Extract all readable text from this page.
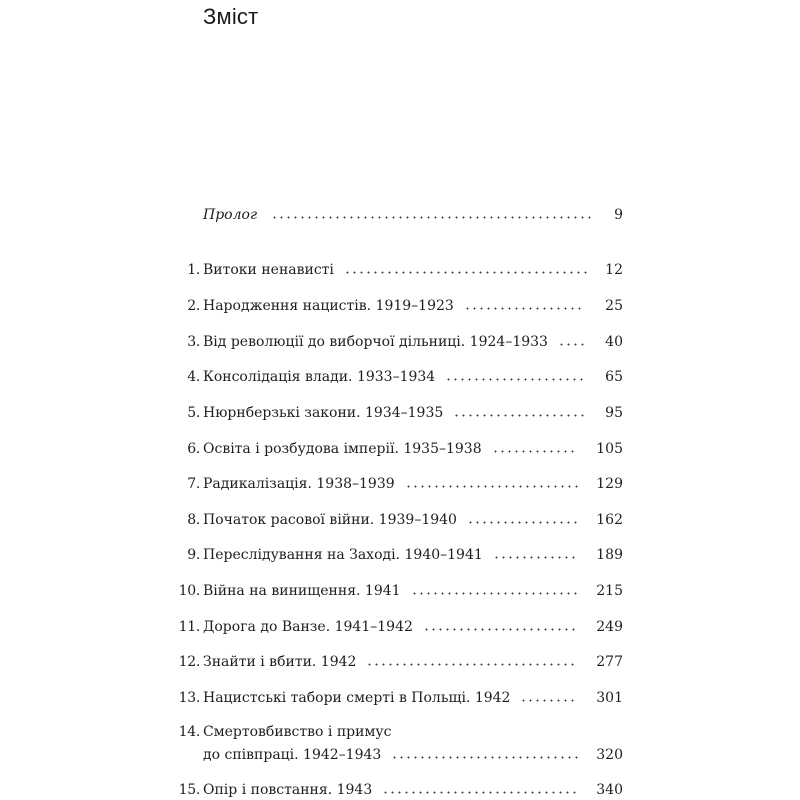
Зміст
Пролог	9
1. Витоки ненависті	12
2. Народження нацистів. 1919–1923	25
3. Від революції до виборчої дільниці. 1924–1933	40
4. Консолідація влади. 1933–1934	65
5. Нюрнберзькі закони. 1934–1935	95
6. Освіта і розбудова імперії. 1935–1938	105
7. Радикалізація. 1938–1939	129
8. Початок расової війни. 1939–1940	162
9. Переслідування на Заході. 1940–1941	189
10. Війна на винищення. 1941	215
11. Дорога до Ванзе. 1941–1942	249
12. Знайти і вбити. 1942	277
13. Нацистські табори смерті в Польщі. 1942	301
14. Смертовбивство і примус
до співпраці. 1942–1943	320
15. Опір і повстання. 1943	340
